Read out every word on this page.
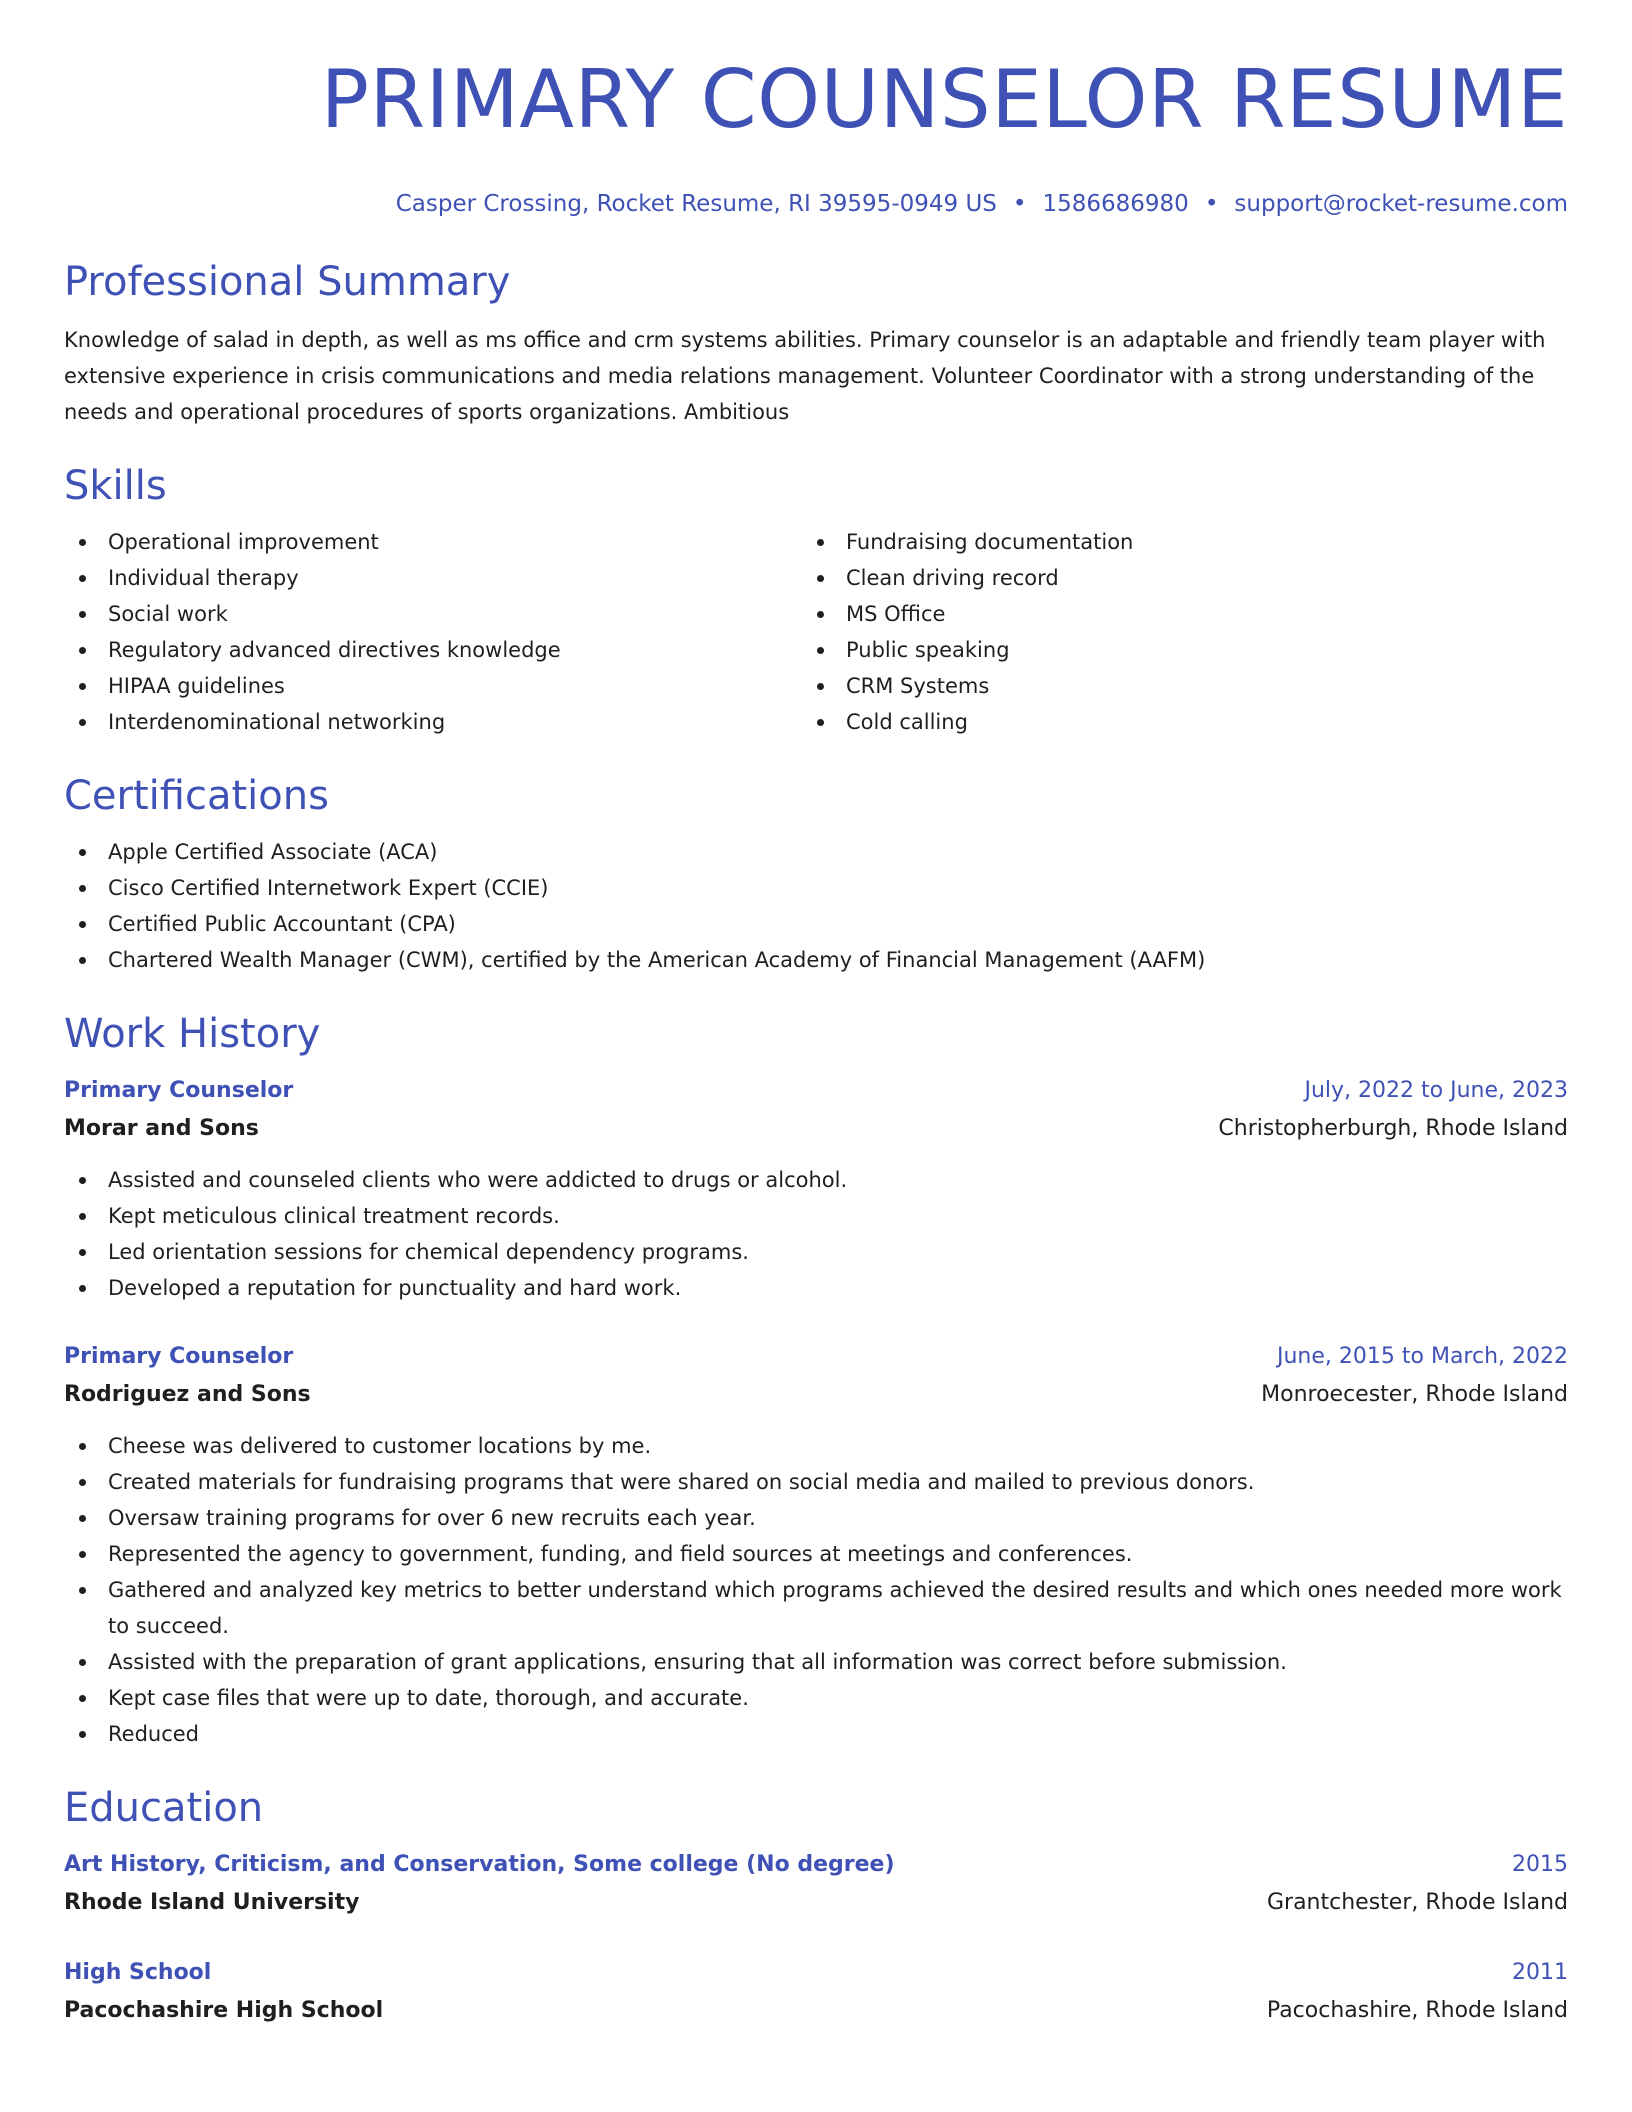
PRIMARY COUNSELOR RESUME
Casper Crossing, Rocket Resume, RI 39595-0949 US • 1586686980 • support@rocket-resume.com
Professional Summary

Knowledge of salad in depth, as well as ms office and crm systems abilities. Primary counselor is an adaptable and friendly team player with extensive experience in crisis communications and media relations management. Volunteer Coordinator with a strong understanding of the needs and operational procedures of sports organizations. Ambitious

Skills
Operational improvement
Individual therapy
Social work
Regulatory advanced directives knowledge
HIPAA guidelines
Interdenominational networking
Fundraising documentation
Clean driving record
MS Office
Public speaking
CRM Systems
Cold calling
Certifications
Apple Certified Associate (ACA)
Cisco Certified Internetwork Expert (CCIE)
Certified Public Accountant (CPA)
Chartered Wealth Manager (CWM), certified by the American Academy of Financial Management (AAFM)
Work History
Primary Counselor	July, 2022 to June, 2023
Morar and Sons	Christopherburgh, Rhode Island
Assisted and counseled clients who were addicted to drugs or alcohol.
Kept meticulous clinical treatment records.
Led orientation sessions for chemical dependency programs.
Developed a reputation for punctuality and hard work.
Primary Counselor	June, 2015 to March, 2022
Rodriguez and Sons	Monroecester, Rhode Island
Cheese was delivered to customer locations by me.
Created materials for fundraising programs that were shared on social media and mailed to previous donors.
Oversaw training programs for over 6 new recruits each year.
Represented the agency to government, funding, and field sources at meetings and conferences.
Gathered and analyzed key metrics to better understand which programs achieved the desired results and which ones needed more work to succeed.
Assisted with the preparation of grant applications, ensuring that all information was correct before submission.
Kept case files that were up to date, thorough, and accurate.
Reduced
Education
Art History, Criticism, and Conservation, Some college (No degree)	2015
Rhode Island University	Grantchester, Rhode Island
High School	2011
Pacochashire High School	Pacochashire, Rhode Island
